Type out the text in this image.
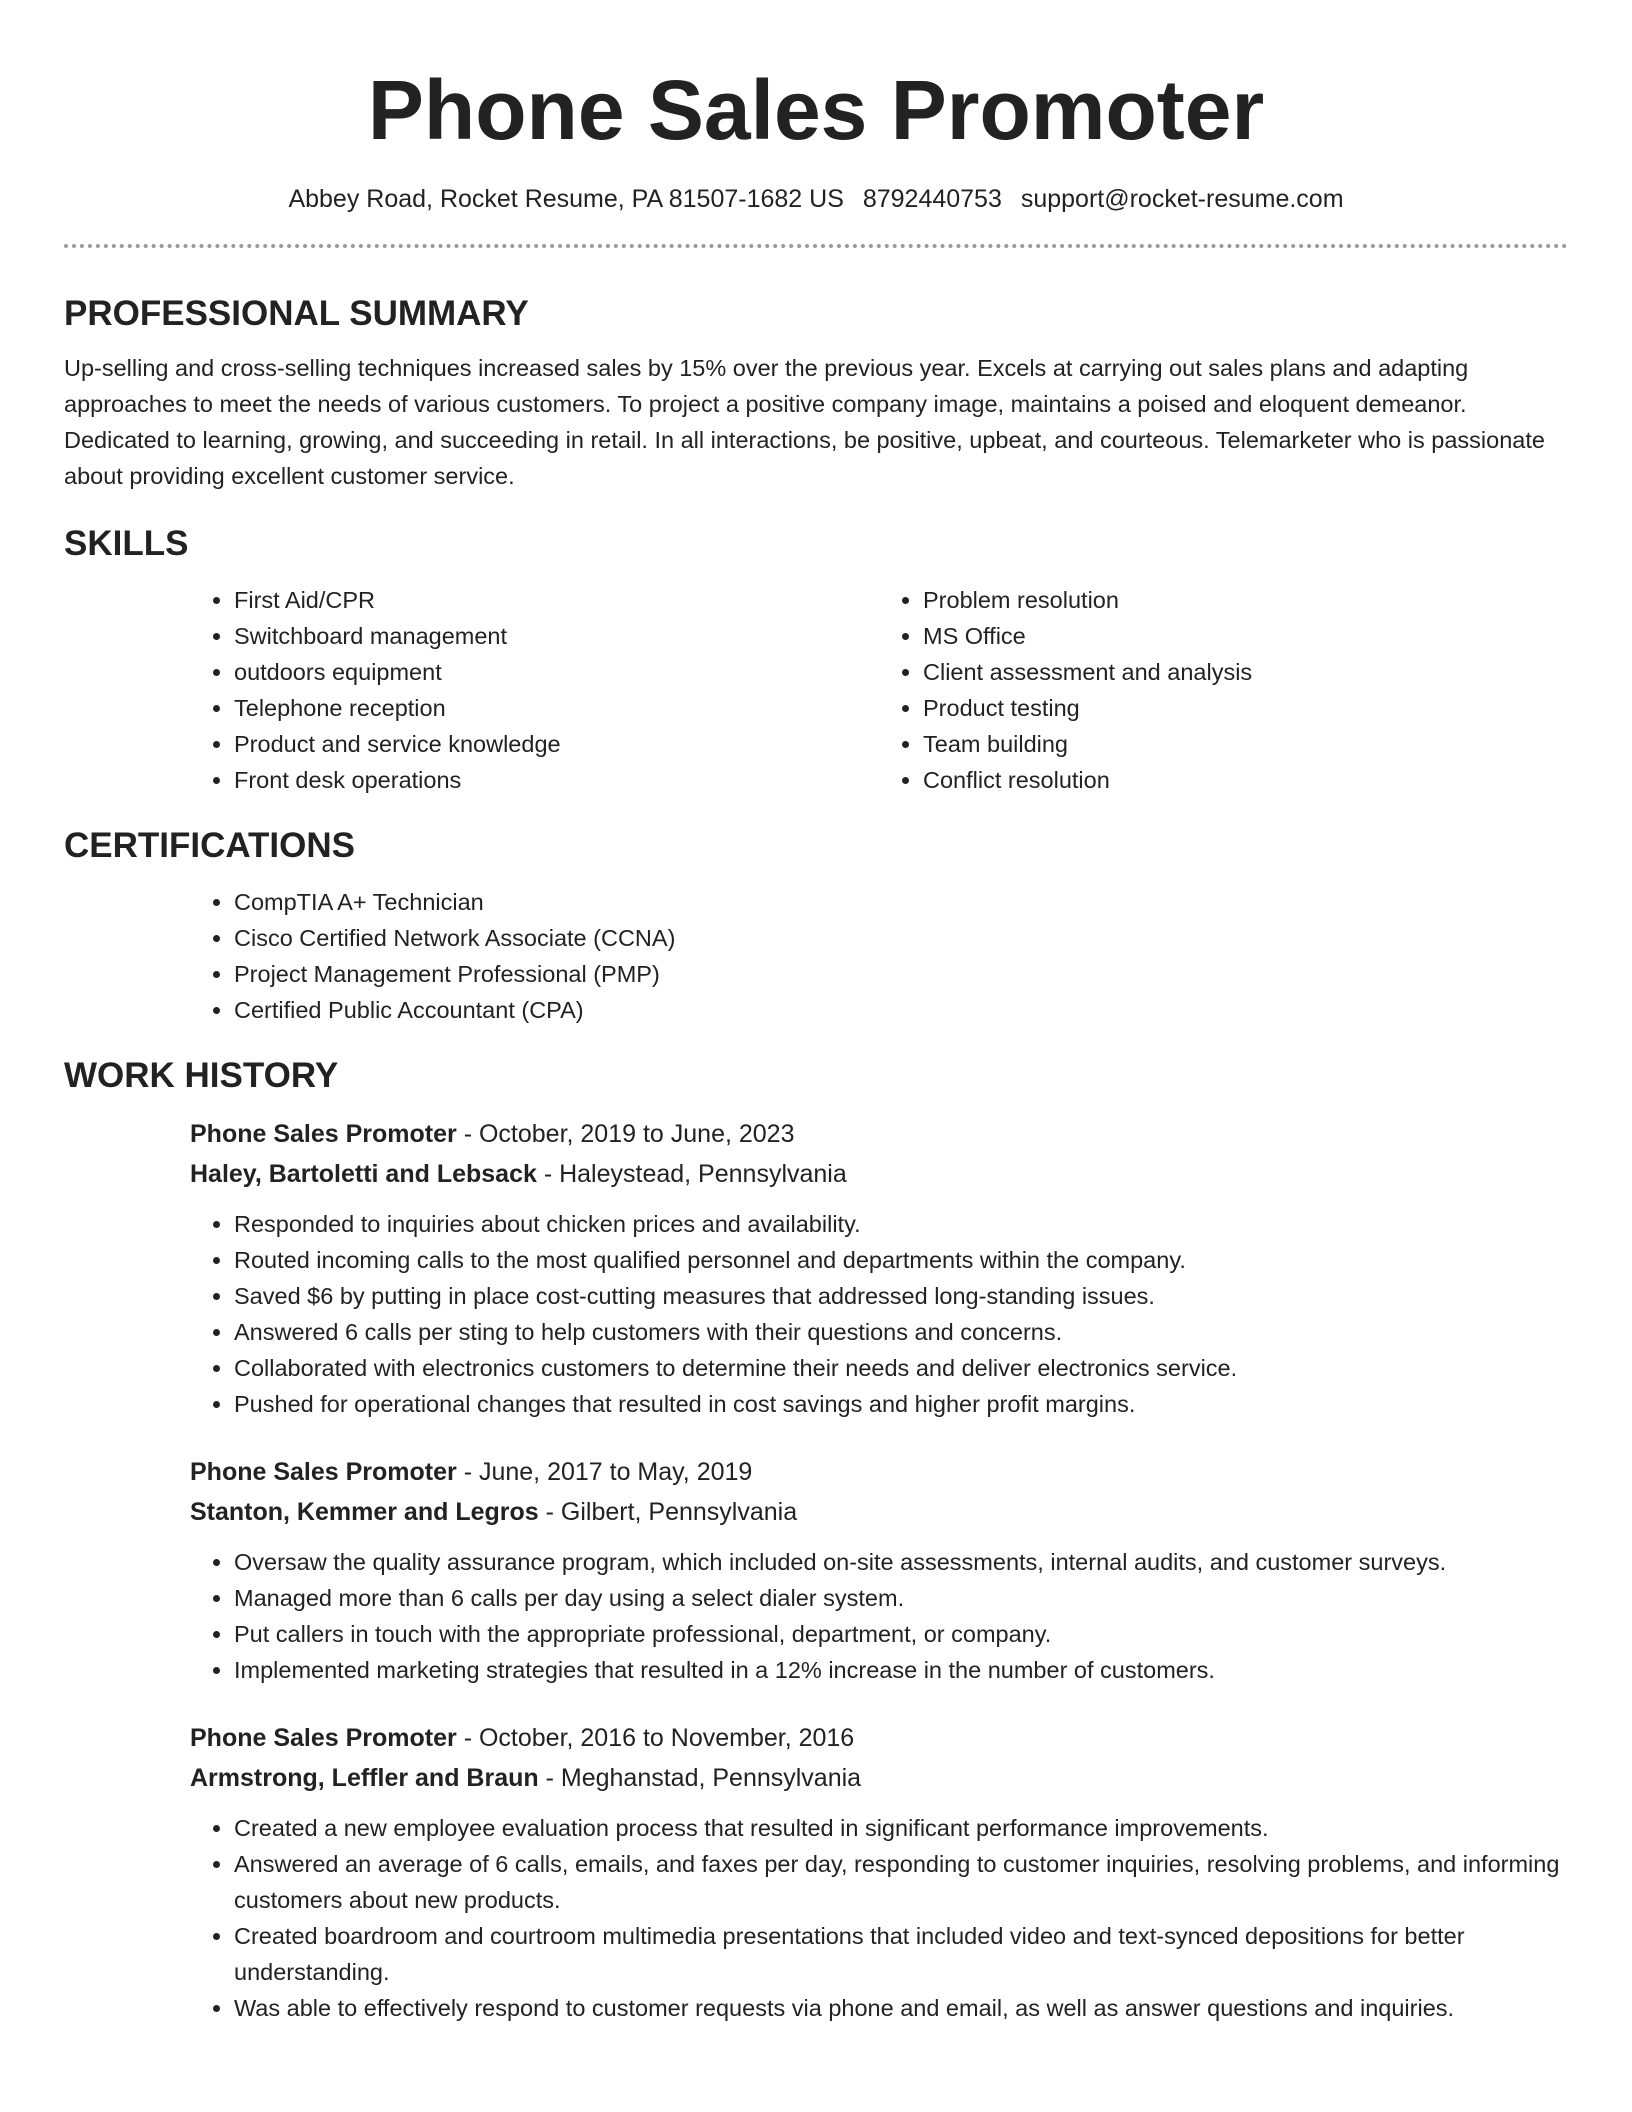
Phone Sales Promoter
Abbey Road, Rocket Resume, PA 81507-1682 US 8792440753 support@rocket-resume.com
PROFESSIONAL SUMMARY

Up-selling and cross-selling techniques increased sales by 15% over the previous year. Excels at carrying out sales plans and adapting approaches to meet the needs of various customers. To project a positive company image, maintains a poised and eloquent demeanor. Dedicated to learning, growing, and succeeding in retail. In all interactions, be positive, upbeat, and courteous. Telemarketer who is passionate about providing excellent customer service.

SKILLS
• First Aid/CPR
• Switchboard management
• outdoors equipment
• Telephone reception
• Product and service knowledge
• Front desk operations
• Problem resolution
• MS Office
• Client assessment and analysis
• Product testing
• Team building
• Conflict resolution
CERTIFICATIONS
• CompTIA A+ Technician
• Cisco Certified Network Associate (CCNA)
• Project Management Professional (PMP)
• Certified Public Accountant (CPA)
WORK HISTORY
Phone Sales Promoter - October, 2019 to June, 2023
Haley, Bartoletti and Lebsack - Haleystead, Pennsylvania
• Responded to inquiries about chicken prices and availability.
• Routed incoming calls to the most qualified personnel and departments within the company.
• Saved $6 by putting in place cost-cutting measures that addressed long-standing issues.
• Answered 6 calls per sting to help customers with their questions and concerns.
• Collaborated with electronics customers to determine their needs and deliver electronics service.
• Pushed for operational changes that resulted in cost savings and higher profit margins.
Phone Sales Promoter - June, 2017 to May, 2019
Stanton, Kemmer and Legros - Gilbert, Pennsylvania
• Oversaw the quality assurance program, which included on-site assessments, internal audits, and customer surveys.
• Managed more than 6 calls per day using a select dialer system.
• Put callers in touch with the appropriate professional, department, or company.
• Implemented marketing strategies that resulted in a 12% increase in the number of customers.
Phone Sales Promoter - October, 2016 to November, 2016
Armstrong, Leffler and Braun - Meghanstad, Pennsylvania
• Created a new employee evaluation process that resulted in significant performance improvements.
• Answered an average of 6 calls, emails, and faxes per day, responding to customer inquiries, resolving problems, and informing customers about new products.
• Created boardroom and courtroom multimedia presentations that included video and text-synced depositions for better understanding.
• Was able to effectively respond to customer requests via phone and email, as well as answer questions and inquiries.
